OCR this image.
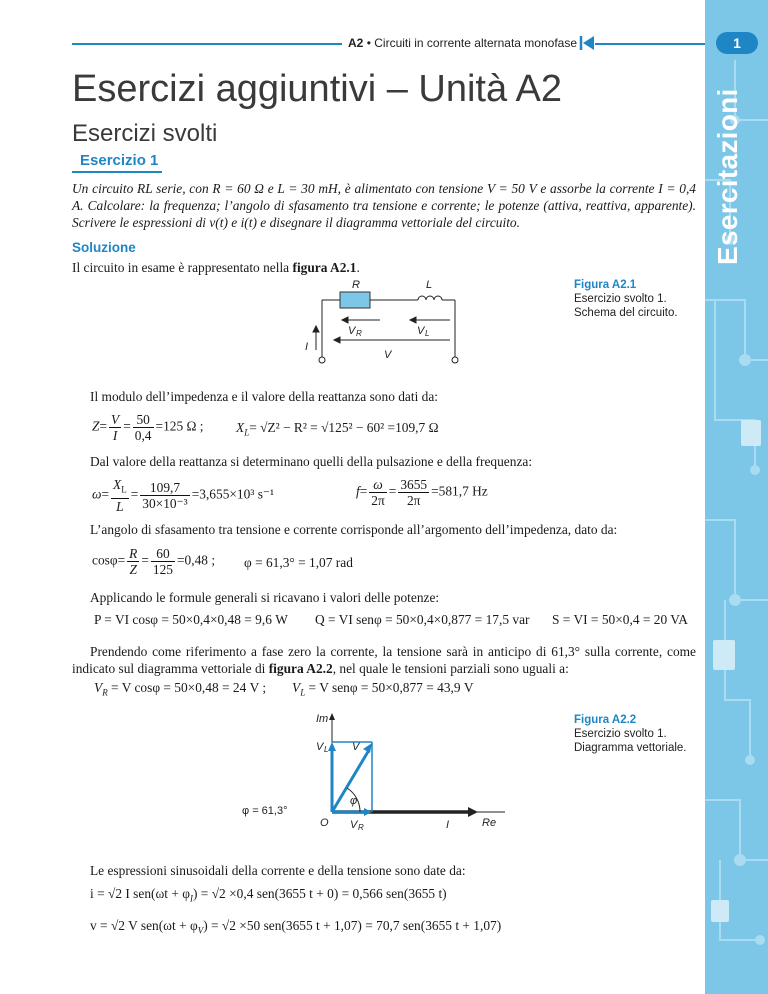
1
Esercitazioni
A2 • Circuiti in corrente alternata monofase
Esercizi aggiuntivi – Unità A2
Esercizi svolti
Esercizio 1
Un circuito RL serie, con R = 60 Ω e L = 30 mH, è alimentato con tensione V = 50 V e assorbe la corrente I = 0,4 A. Calcolare: la frequenza; l’angolo di sfasamento tra tensione e corrente; le potenze (attiva, reattiva, apparente). Scrivere le espressioni di v(t) e i(t) e disegnare il diagramma vettoriale del circuito.
Soluzione
Il circuito in esame è rappresentato nella figura A2.1.
R	L
V R	V L
V
I
Figura A2.1
Esercizio svolto 1. Schema del circuito.
Il modulo dell’impedenza e il valore della reattanza sono dati da:
$Z= \frac{V}{I} = \frac{50}{0,4} =125$ Ω ; $X_L= √Z^2 - R^2 = √125^2 - 60^2 =109,7$ Ω
Dal valore della reattanza si determinano quelli della pulsazione e della frequenza:
$\omega= \frac{X_L}{L} = \frac{109,7}{\text{30×10⁻³}} =3,655\times 10^3$ s⁻¹	$f= \frac{\omega}{2\pi} = \frac{3655}{2\pi} =581,7$ Hz
L’angolo di sfasamento tra tensione e corrente corrisponde all’argomento dell’impedenza, dato da:
$\cos\varphi= \frac{R}{Z} = \frac{60}{125} =0,48$ ; φ = 61,3° = 1,07 rad
Applicando le formule generali si ricavano i valori delle potenze:
P = VI cosφ = 50×0,4×0,48 = 9,6 W Q = VI senφ = 50×0,4×0,877 = 17,5 var S = VI = 50×0,4 = 20 VA
Prendendo come riferimento a fase zero la corrente, la tensione sarà in anticipo di 61,3° sulla corrente, come indicato sul diagramma vettoriale di figura A2.2, nel quale le tensioni parziali sono uguali a:
$V_R = V$ cosφ = 50×0,48 = 24 V ; $V_L = V$ senφ = 50×0,877 = 43,9 V
Im
Re
O
φ = 61,3°
φ
V L V
V R	I
Figura A2.2
Esercizio svolto 1. Diagramma vettoriale.
Le espressioni sinusoidali della corrente e della tensione sono date da:
i = √2 I $sen(\omega t + \varphi_I) = √2 \times 0,4$ sen(3655 t + 0) = 0,566 sen(3655 t)
v = √2 V $sen(\omega t + \varphi_V) = √2 \times 50$ sen(3655 t + 1,07) = 70,7 sen(3655 t + 1,07)
